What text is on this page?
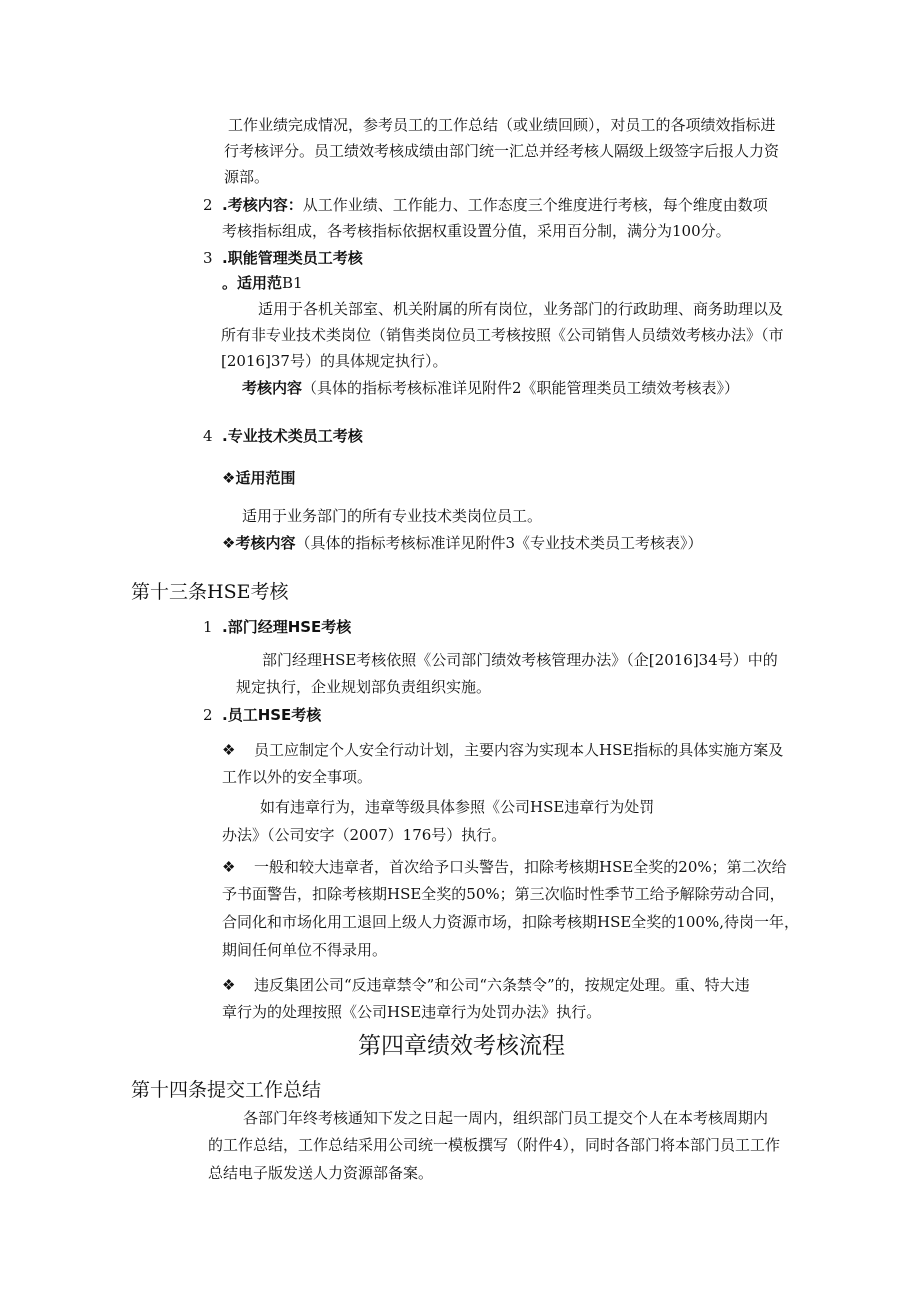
工作业绩完成情况，参考员工的工作总结（或业绩回顾），对员工的各项绩效指标进
行考核评分。员工绩效考核成绩由部门统一汇总并经考核人隔级上级签字后报人力资
源部。
2 .考核内容：从工作业绩、工作能力、工作态度三个维度进行考核，每个维度由数项
考核指标组成，各考核指标依据权重设置分值，采用百分制，满分为100分。
3 .职能管理类员工考核
。适用范B1
适用于各机关部室、机关附属的所有岗位，业务部门的行政助理、商务助理以及
所有非专业技术类岗位（销售类岗位员工考核按照《公司销售人员绩效考核办法》（市
[2016]37号）的具体规定执行）。
考核内容（具体的指标考核标准详见附件2《职能管理类员工绩效考核表》）
4 .专业技术类员工考核
❖适用范围
适用于业务部门的所有专业技术类岗位员工。
❖考核内容（具体的指标考核标准详见附件3《专业技术类员工考核表》）
第十三条HSE考核
1 .部门经理HSE考核
部门经理HSE考核依照《公司部门绩效考核管理办法》（企[2016]34号）中的
规定执行，企业规划部负责组织实施。
2 .员工HSE考核
❖ 员工应制定个人安全行动计划，主要内容为实现本人HSE指标的具体实施方案及
工作以外的安全事项。
如有违章行为，违章等级具体参照《公司HSE违章行为处罚
办法》（公司安字（2007）176号）执行。
❖ 一般和较大违章者，首次给予口头警告，扣除考核期HSE全奖的20%；第二次给
予书面警告，扣除考核期HSE全奖的50%；第三次临时性季节工给予解除劳动合同，
合同化和市场化用工退回上级人力资源市场，扣除考核期HSE全奖的100%,待岗一年，
期间任何单位不得录用。
❖ 违反集团公司“反违章禁令”和公司“六条禁令”的，按规定处理。重、特大违
章行为的处理按照《公司HSE违章行为处罚办法》执行。
第四章绩效考核流程
第十四条提交工作总结
各部门年终考核通知下发之日起一周内，组织部门员工提交个人在本考核周期内
的工作总结，工作总结采用公司统一模板撰写（附件4），同时各部门将本部门员工工作
总结电子版发送人力资源部备案。
